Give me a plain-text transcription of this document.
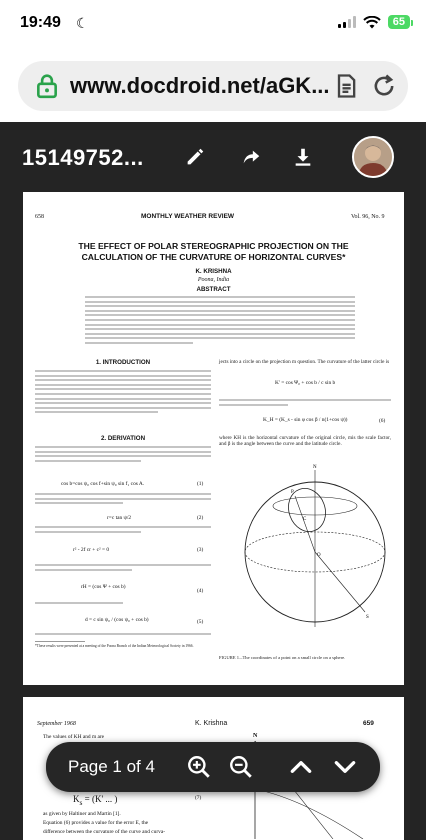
19:49 ☾	65
www.docdroid.net/aGK...
15149752...
658	MONTHLY WEATHER REVIEW	Vol. 96, No. 9
THE EFFECT OF POLAR STEREOGRAPHIC PROJECTION ON THE CALCULATION OF THE CURVATURE OF HORIZONTAL CURVES*
K. KRISHNA
Poona, India
ABSTRACT
1. INTRODUCTION
2. DERIVATION
cos b=cos ψ₀ cos f+sin ψ₀ sin f₁ cos A.	(1)
r=c tan ψ/2	(2)
r² - 2f cr + c² = 0	(3)
rH = (cos Ψ + cos b)
(4)
d = c sin ψ₀ / (cos ψ₀ + cos b)	(5)
*These results were presented at a meeting of the Poona Branch of the Indian Meteorological Society in 1966.
jects into a circle on the projection m question. The curvature of the latter circle is
K' = cos Ψ₀ + cos b / c sin b
K_H = (K_s - sin φ cos β / n(1+cos ψ))	(6)
where KH is the horizontal curvature of the original circle, mis the scale factor, and β is the angle between the curve and the latitude circle.
N
O
P
C
S
FIGURE 1.–The coordinates of a point on a small circle on a sphere.
September 1968	K. Krishna	659
The values of KH and m are
$K_s = (K'$ ... )	(7)
as given by Haltiner and Martin [1].
Equation (6) provides a value for the error E, the
difference between the curvature of the curve and curva-
N
Page 1 of 4
